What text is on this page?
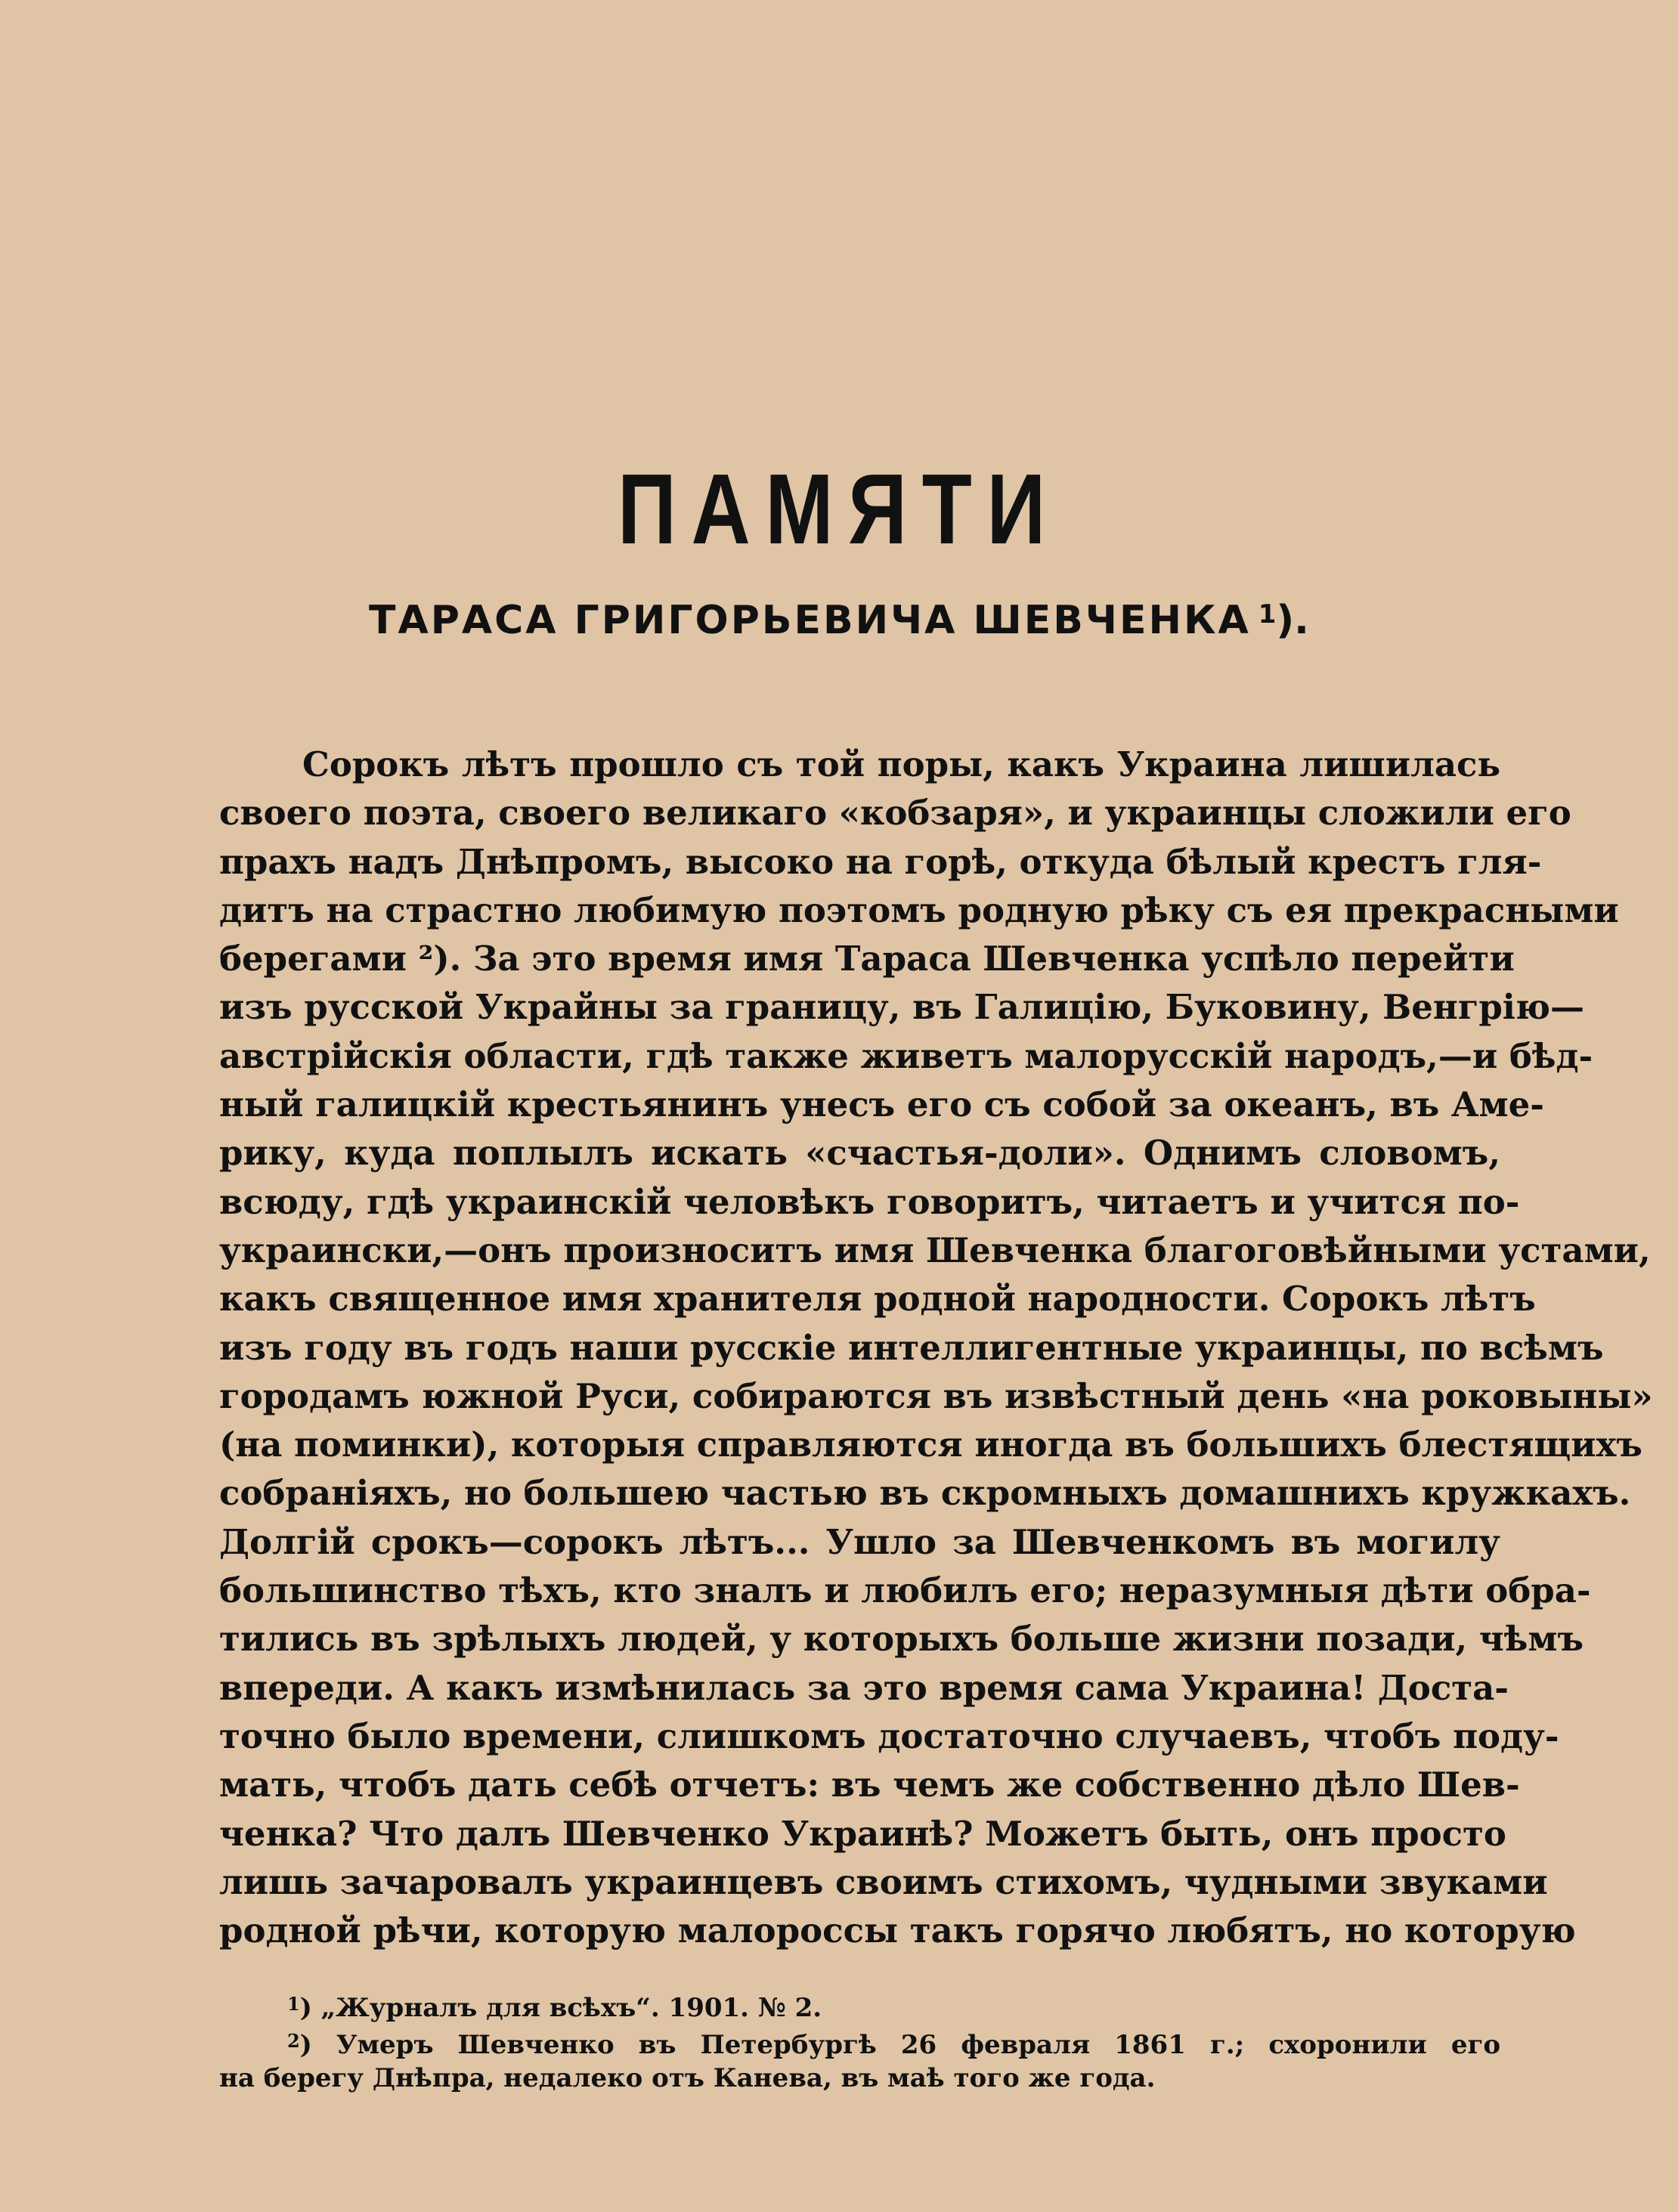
ПАМЯТИ
ТАРАСА ГРИГОРЬЕВИЧА ШЕВЧЕНКА $^1$).
Сорокъ лѣтъ прошло съ той поры, какъ Украина лишилась
своего поэта, своего великаго «кобзаря», и украинцы сложили его
прахъ надъ Днѣпромъ, высоко на горѣ, откуда бѣлый крестъ гля-
дитъ на страстно любимую поэтомъ родную рѣку съ ея прекрасными
берегами ²). За это время имя Тараса Шевченка успѣло перейти
изъ русской Украйны за границу, въ Галицію, Буковину, Венгрію—
австрійскія области, гдѣ также живетъ малорусскій народъ,—и бѣд-
ный галицкій крестьянинъ унесъ его съ собой за океанъ, въ Аме-
рику, куда поплылъ искать «счастья-доли». Однимъ словомъ,
всюду, гдѣ украинскій человѣкъ говоритъ, читаетъ и учится по-
украински,—онъ произноситъ имя Шевченка благоговѣйными устами,
какъ священное имя хранителя родной народности. Сорокъ лѣтъ
изъ году въ годъ наши русскіе интеллигентные украинцы, по всѣмъ
городамъ южной Руси, собираются въ извѣстный день «на роковыны»
(на поминки), которыя справляются иногда въ большихъ блестящихъ
собраніяхъ, но большею частью въ скромныхъ домашнихъ кружкахъ.
Долгій срокъ—сорокъ лѣтъ... Ушло за Шевченкомъ въ могилу
большинство тѣхъ, кто зналъ и любилъ его; неразумныя дѣти обра-
тились въ зрѣлыхъ людей, у которыхъ больше жизни позади, чѣмъ
впереди. А какъ измѣнилась за это время сама Украина! Доста-
точно было времени, слишкомъ достаточно случаевъ, чтобъ поду-
мать, чтобъ дать себѣ отчетъ: въ чемъ же собственно дѣло Шев-
ченка? Что далъ Шевченко Украинѣ? Можетъ быть, онъ просто
лишь зачаровалъ украинцевъ своимъ стихомъ, чудными звуками
родной рѣчи, которую малороссы такъ горячо любятъ, но которую
$^1$) „Журналъ для всѣхъ“. 1901. № 2.
$^2$) Умеръ Шевченко въ Петербургѣ 26 февраля 1861 г.; схоронили его
на берегу Днѣпра, недалеко отъ Канева, въ маѣ того же года.
